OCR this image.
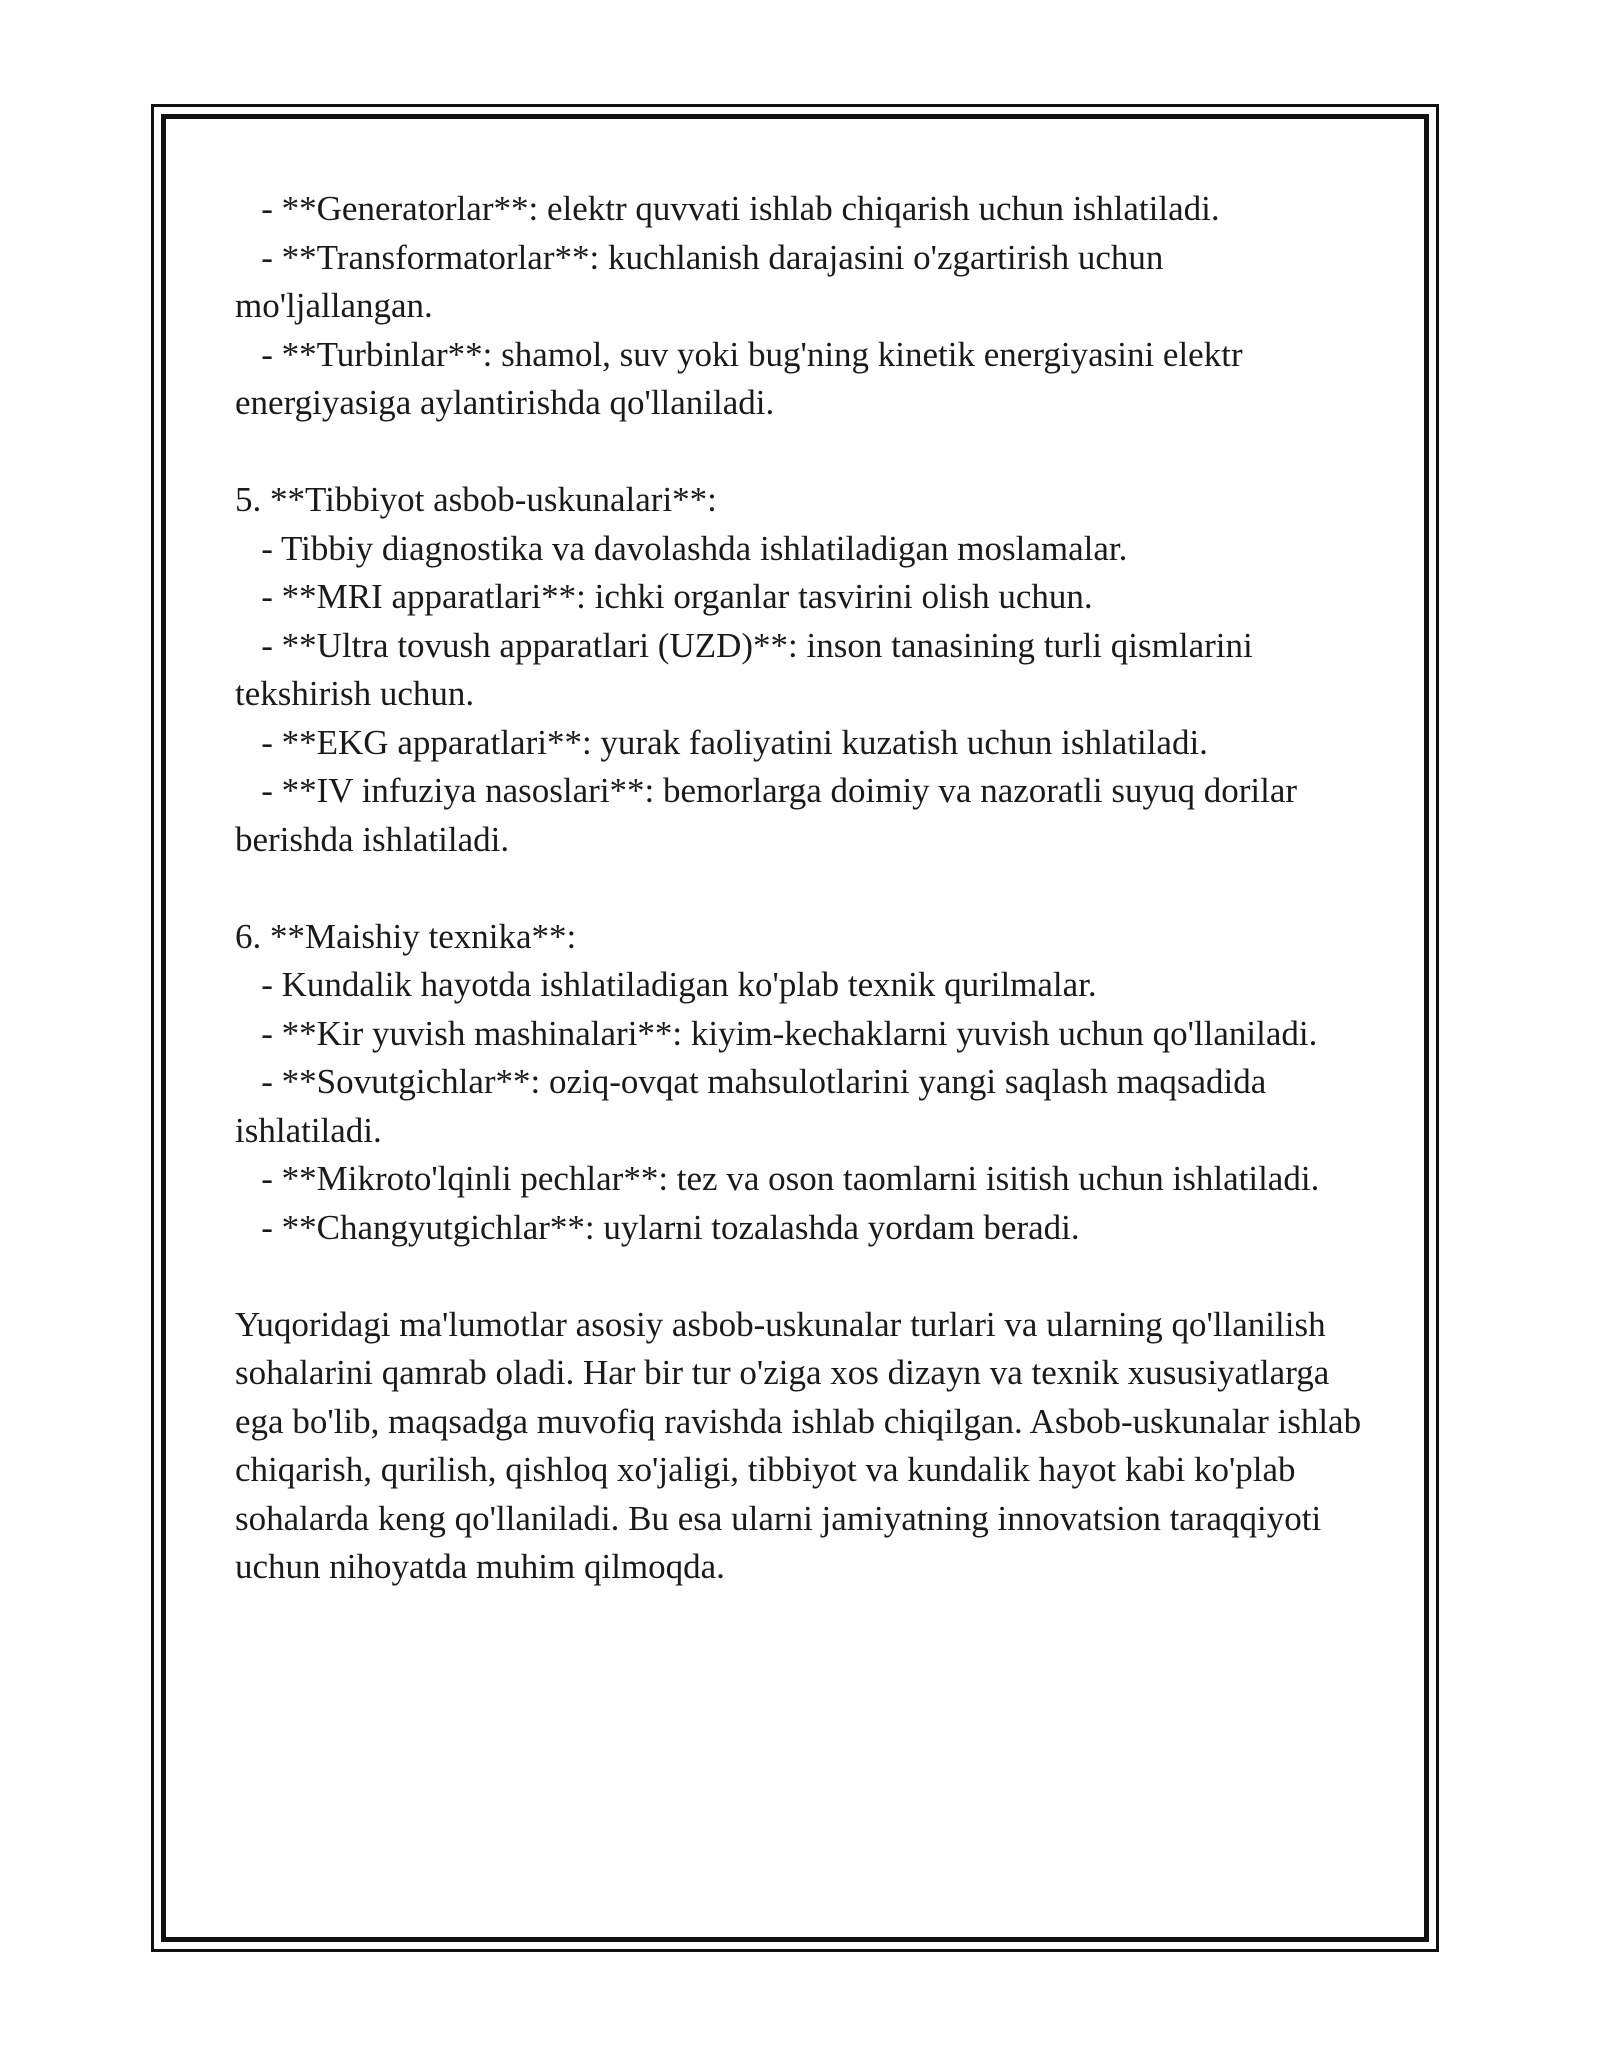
- **Generatorlar**: elektr quvvati ishlab chiqarish uchun ishlatiladi.

- **Transformatorlar**: kuchlanish darajasini o'zgartirish uchun mo'ljallangan.

- **Turbinlar**: shamol, suv yoki bug'ning kinetik energiyasini elektr energiyasiga aylantirishda qo'llaniladi.

5. **Tibbiyot asbob-uskunalari**:

- Tibbiy diagnostika va davolashda ishlatiladigan moslamalar.

- **MRI apparatlari**: ichki organlar tasvirini olish uchun.

- **Ultra tovush apparatlari (UZD)**: inson tanasining turli qismlarini tekshirish uchun.

- **EKG apparatlari**: yurak faoliyatini kuzatish uchun ishlatiladi.

- **IV infuziya nasoslari**: bemorlarga doimiy va nazoratli suyuq dorilar berishda ishlatiladi.

6. **Maishiy texnika**:

- Kundalik hayotda ishlatiladigan ko'plab texnik qurilmalar.

- **Kir yuvish mashinalari**: kiyim-kechaklarni yuvish uchun qo'llaniladi.

- **Sovutgichlar**: oziq-ovqat mahsulotlarini yangi saqlash maqsadida ishlatiladi.

- **Mikroto'lqinli pechlar**: tez va oson taomlarni isitish uchun ishlatiladi.

- **Changyutgichlar**: uylarni tozalashda yordam beradi.

Yuqoridagi ma'lumotlar asosiy asbob-uskunalar turlari va ularning qo'llanilish sohalarini qamrab oladi. Har bir tur o'ziga xos dizayn va texnik xususiyatlarga ega bo'lib, maqsadga muvofiq ravishda ishlab chiqilgan. Asbob-uskunalar ishlab chiqarish, qurilish, qishloq xo'jaligi, tibbiyot va kundalik hayot kabi ko'plab sohalarda keng qo'llaniladi. Bu esa ularni jamiyatning innovatsion taraqqiyoti uchun nihoyatda muhim qilmoqda.
